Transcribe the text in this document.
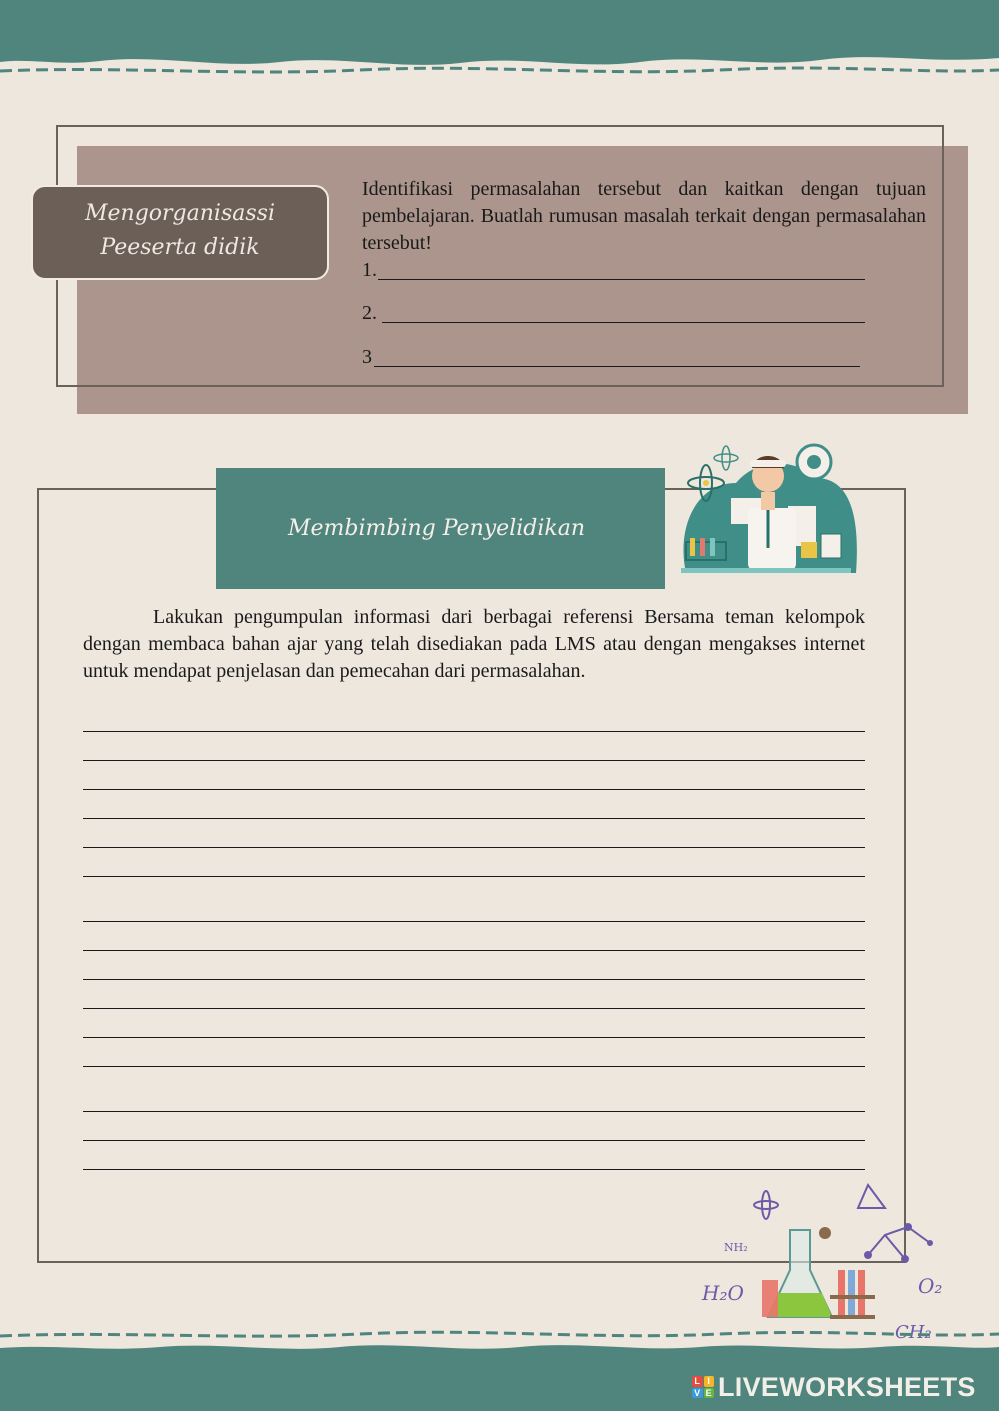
Mengorganisassi
Peeserta didik
Identifikasi permasalahan tersebut dan kaitkan dengan tujuan pembelajaran. Buatlah rumusan masalah terkait dengan permasalahan tersebut!
1.
2.
3
Membimbing Penyelidikan
Lakukan pengumpulan informasi dari berbagai referensi Bersama teman kelompok dengan membaca bahan ajar yang telah disediakan pada LMS atau dengan mengakses internet untuk mendapat penjelasan dan pemecahan dari permasalahan.
NH₂
H₂O	O₂
CH₂
L I
V E LIVEWORKSHEETS
